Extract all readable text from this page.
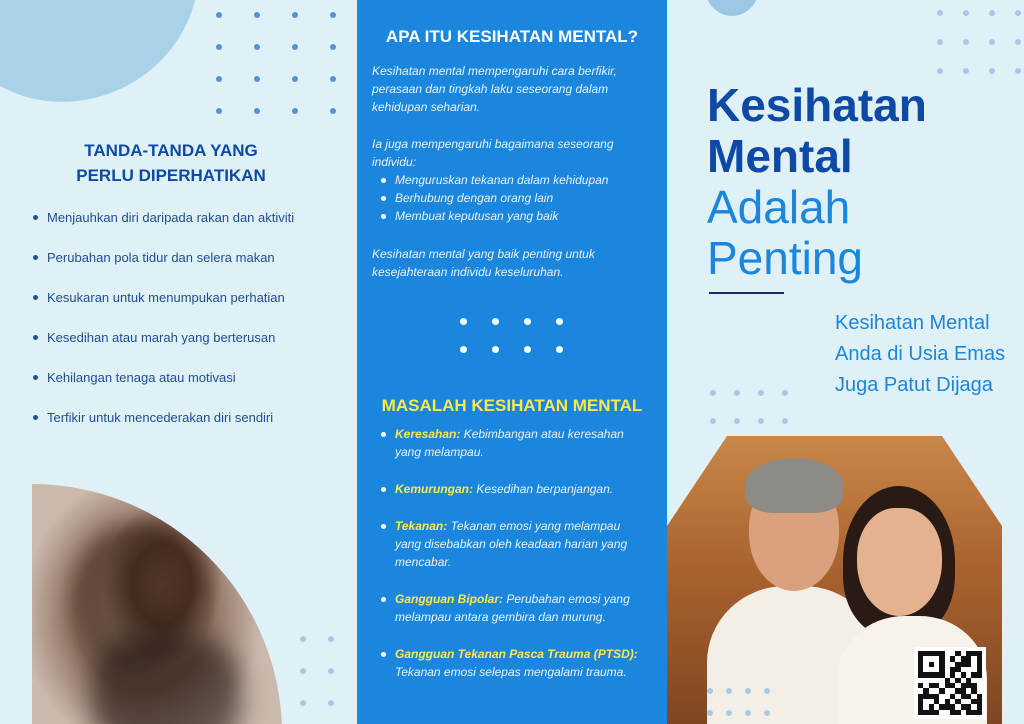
TANDA-TANDA YANG
PERLU DIPERHATIKAN
Menjauhkan diri daripada rakan dan aktiviti
Perubahan pola tidur dan selera makan
Kesukaran untuk menumpukan perhatian
Kesedihan atau marah yang berterusan
Kehilangan tenaga atau motivasi
Terfikir untuk mencederakan diri sendiri
APA ITU KESIHATAN MENTAL?

Kesihatan mental mempengaruhi cara berfikir, perasaan dan tingkah laku seseorang dalam kehidupan seharian.

Ia juga mempengaruhi bagaimana seseorang individu:

Menguruskan tekanan dalam kehidupan
Berhubung dengan orang lain
Membuat keputusan yang baik

Kesihatan mental yang baik penting untuk kesejahteraan individu keseluruhan.

MASALAH KESIHATAN MENTAL
Keresahan: Kebimbangan atau keresahan yang melampau.
Kemurungan: Kesedihan berpanjangan.
Tekanan: Tekanan emosi yang melampau yang disebabkan oleh keadaan harian yang mencabar.
Gangguan Bipolar: Perubahan emosi yang melampau antara gembira dan murung.
Gangguan Tekanan Pasca Trauma (PTSD): Tekanan emosi selepas mengalami trauma.
Kesihatan
Mental
Adalah
Penting

Kesihatan Mental Anda di Usia Emas Juga Patut Dijaga
